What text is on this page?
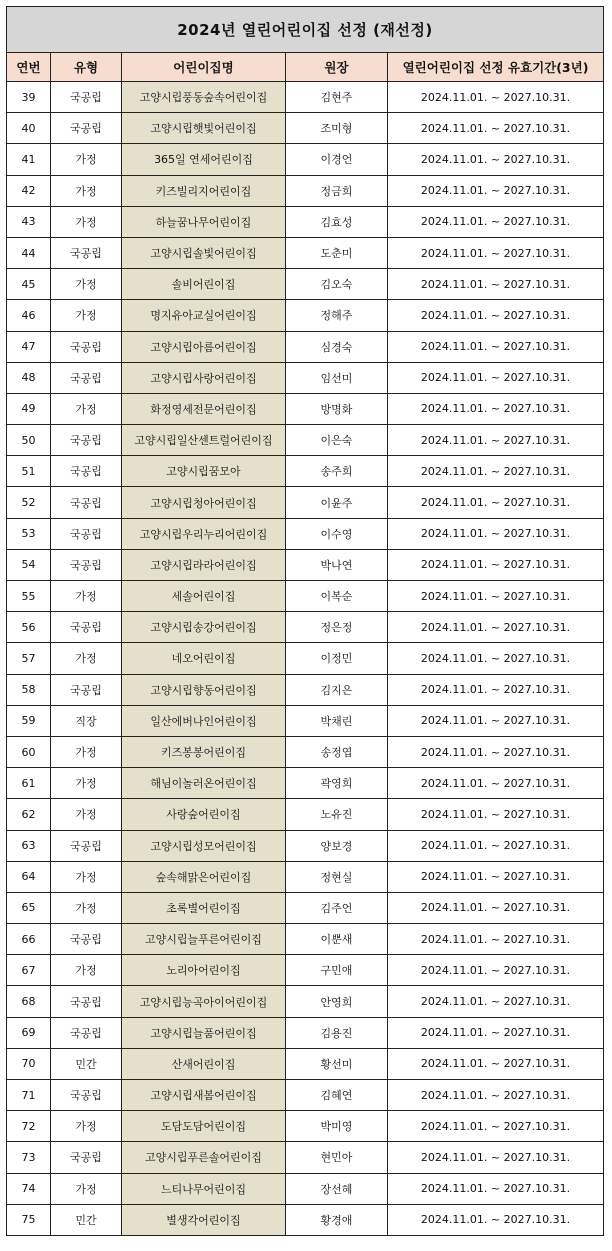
2024년 열린어린이집 선정 (재선정)				
연번	유형	어린이집명	원장	열린어린이집 선정 유효기간(3년)
39	국공립	고양시립풍동숲속어린이집	김현주	2024.11.01. ~ 2027.10.31.
40	국공립	고양시립햇빛어린이집	조미형	2024.11.01. ~ 2027.10.31.
41	가정	365일 연세어린이집	이경언	2024.11.01. ~ 2027.10.31.
42	가정	키즈빌리지어린이집	정금희	2024.11.01. ~ 2027.10.31.
43	가정	하늘꿈나무어린이집	김효성	2024.11.01. ~ 2027.10.31.
44	국공립	고양시립솔빛어린이집	도춘미	2024.11.01. ~ 2027.10.31.
45	가정	솔비어린이집	김오숙	2024.11.01. ~ 2027.10.31.
46	가정	명지유아교실어린이집	정해주	2024.11.01. ~ 2027.10.31.
47	국공립	고양시립아름어린이집	심경숙	2024.11.01. ~ 2027.10.31.
48	국공립	고양시립사랑어린이집	임선미	2024.11.01. ~ 2027.10.31.
49	가정	화정영세전문어린이집	방명화	2024.11.01. ~ 2027.10.31.
50	국공립	고양시립일산센트럴어린이집	이은숙	2024.11.01. ~ 2027.10.31.
51	국공립	고양시립꿈모아	송주희	2024.11.01. ~ 2027.10.31.
52	국공립	고양시립청아어린이집	이윤주	2024.11.01. ~ 2027.10.31.
53	국공립	고양시립우리누리어린이집	이수영	2024.11.01. ~ 2027.10.31.
54	국공립	고양시립라라어린이집	박나연	2024.11.01. ~ 2027.10.31.
55	가정	세솔어린이집	이복순	2024.11.01. ~ 2027.10.31.
56	국공립	고양시립송강어린이집	정은정	2024.11.01. ~ 2027.10.31.
57	가정	네오어린이집	이정민	2024.11.01. ~ 2027.10.31.
58	국공립	고양시립향동어린이집	김지은	2024.11.01. ~ 2027.10.31.
59	직장	일산에버나인어린이집	박채린	2024.11.01. ~ 2027.10.31.
60	가정	키즈봉봉어린이집	송정엽	2024.11.01. ~ 2027.10.31.
61	가정	해님이놀러온어린이집	곽영희	2024.11.01. ~ 2027.10.31.
62	가정	사랑숲어린이집	노유진	2024.11.01. ~ 2027.10.31.
63	국공립	고양시립성모어린이집	양보경	2024.11.01. ~ 2027.10.31.
64	가정	숲속해맑은어린이집	정현실	2024.11.01. ~ 2027.10.31.
65	가정	초록별어린이집	김주언	2024.11.01. ~ 2027.10.31.
66	국공립	고양시립늘푸른어린이집	이뿐새	2024.11.01. ~ 2027.10.31.
67	가정	노리아어린이집	구민애	2024.11.01. ~ 2027.10.31.
68	국공립	고양시립능곡아이어린이집	안영희	2024.11.01. ~ 2027.10.31.
69	국공립	고양시립늘품어린이집	김용진	2024.11.01. ~ 2027.10.31.
70	민간	산새어린이집	황선미	2024.11.01. ~ 2027.10.31.
71	국공립	고양시립새봄어린이집	김혜연	2024.11.01. ~ 2027.10.31.
72	가정	도담도담어린이집	박미영	2024.11.01. ~ 2027.10.31.
73	국공립	고양시립푸른솔어린이집	현민아	2024.11.01. ~ 2027.10.31.
74	가정	느티나무어린이집	장선혜	2024.11.01. ~ 2027.10.31.
75	민간	별생각어린이집	황경애	2024.11.01. ~ 2027.10.31.
